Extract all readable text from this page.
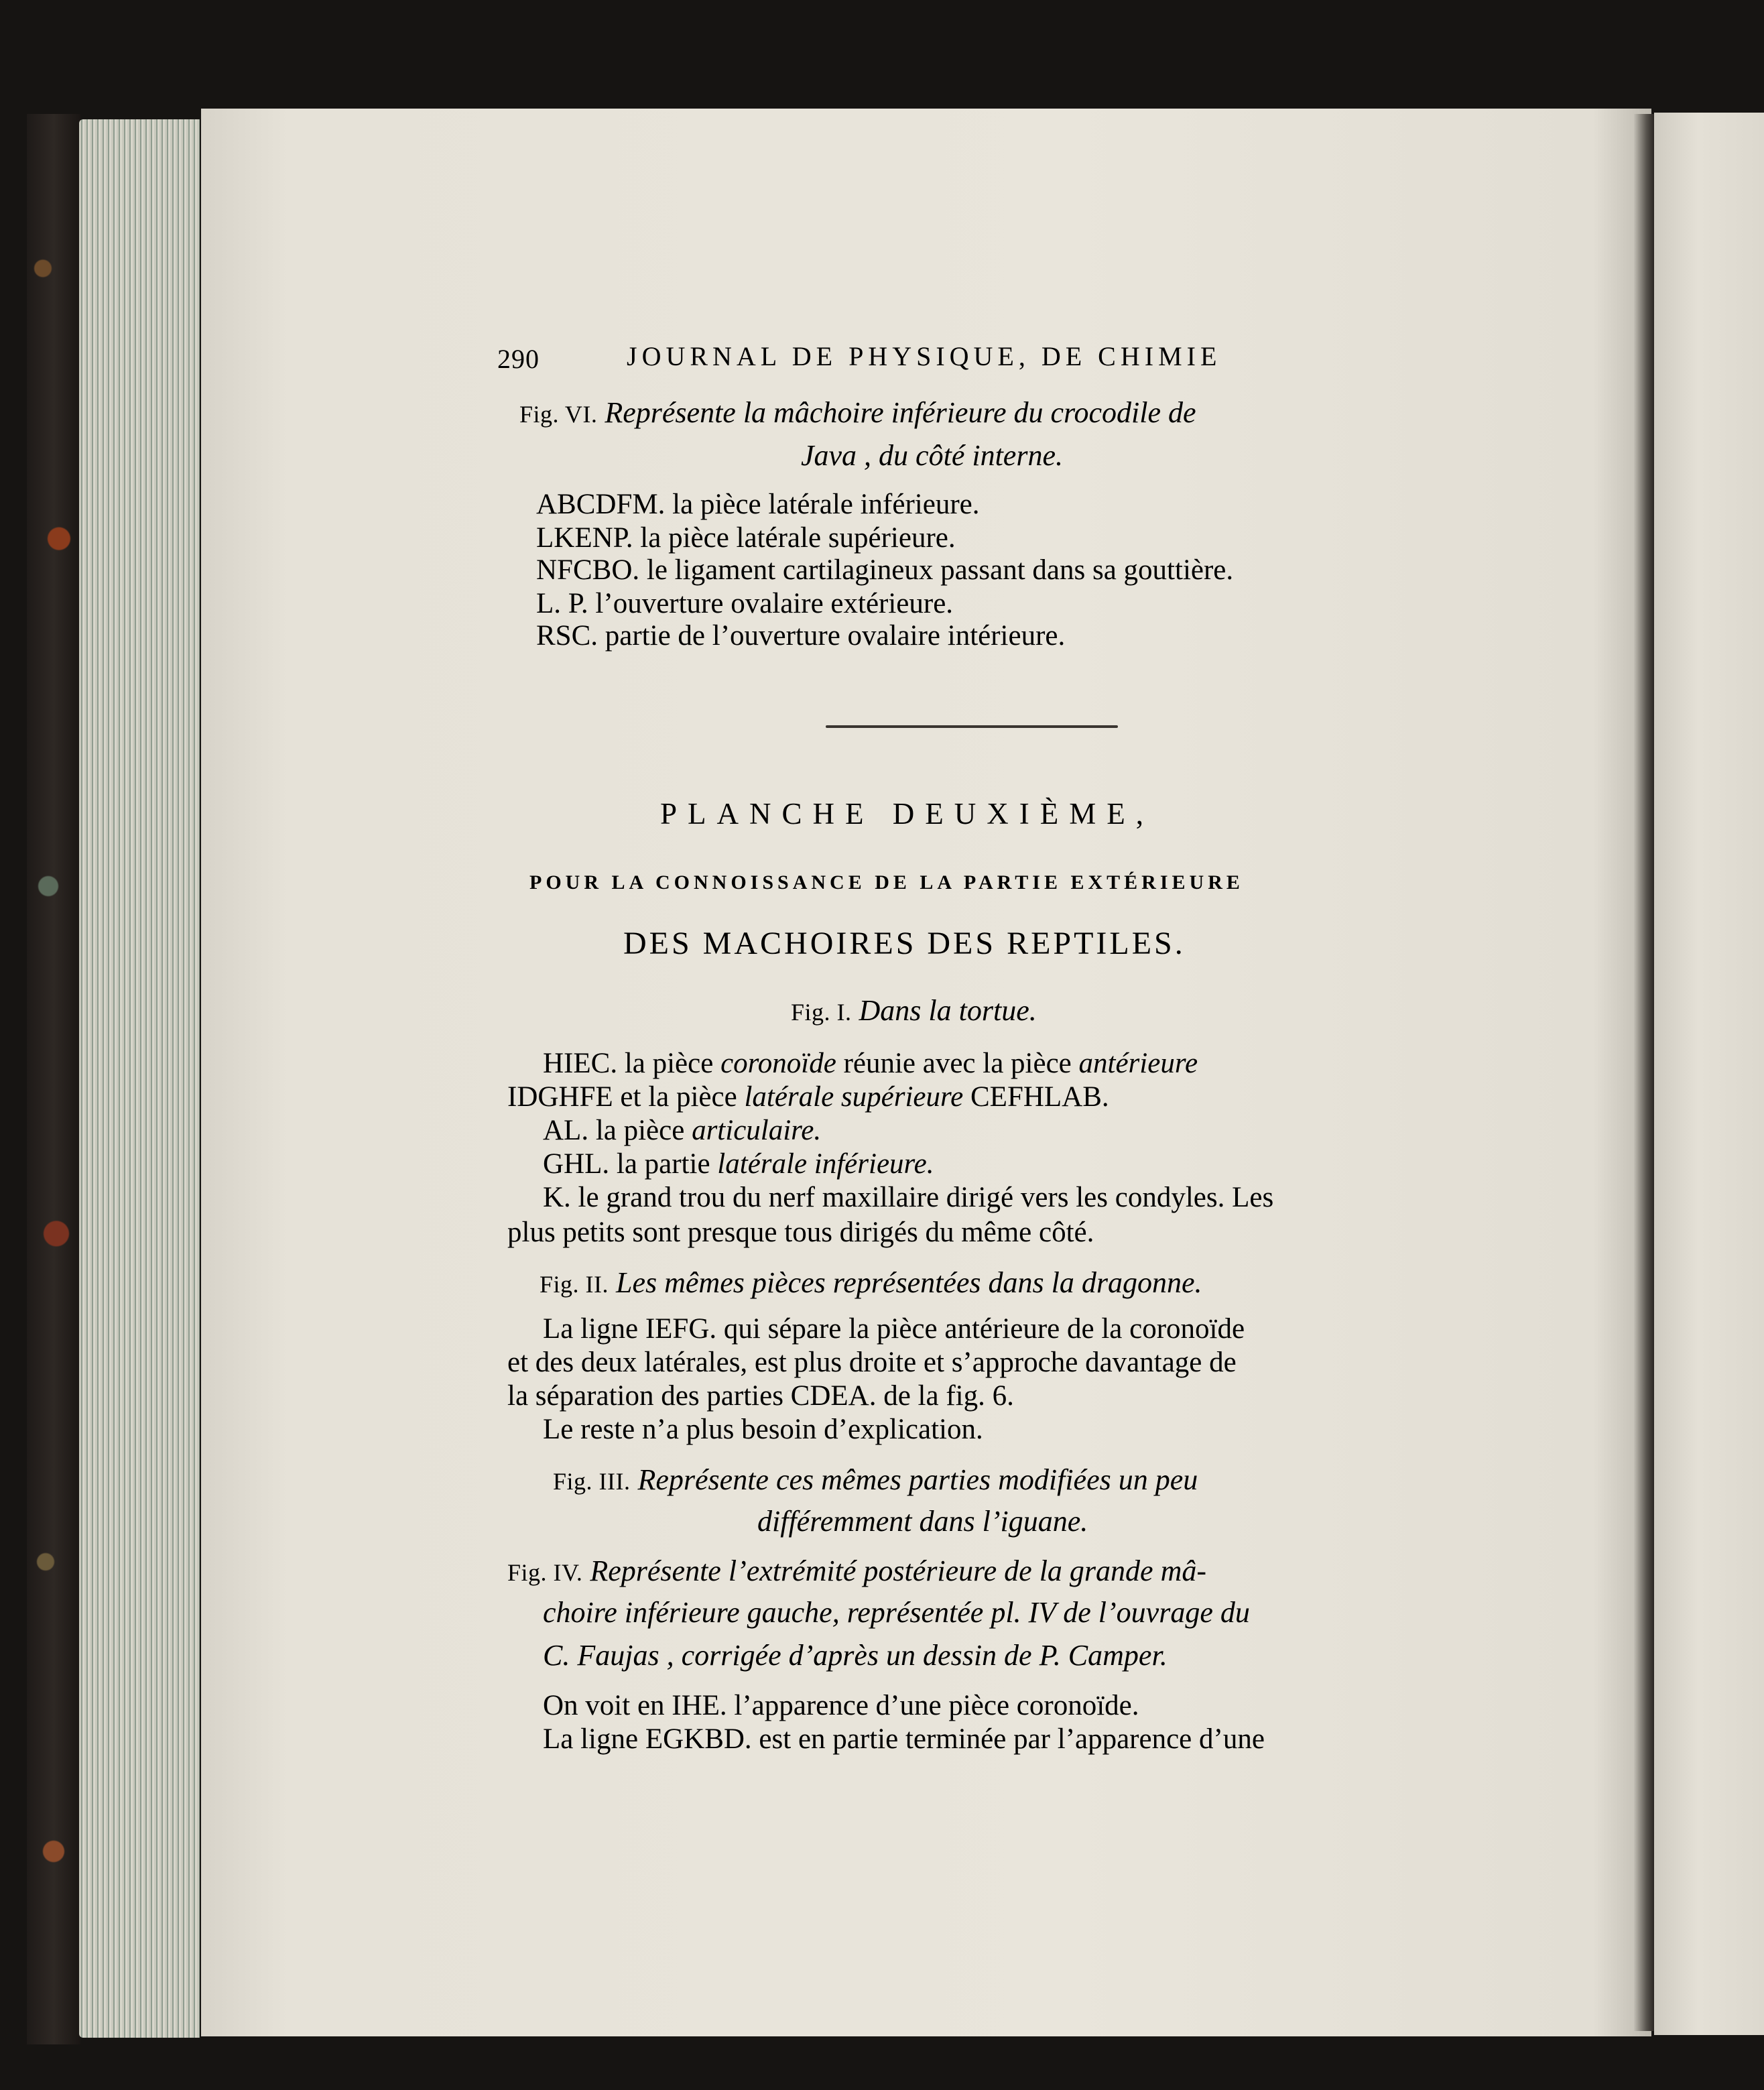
290	JOURNAL DE PHYSIQUE, DE CHIMIE
Fig. VI. Représente la mâchoire inférieure du crocodile de
Java , du côté interne.
ABCDFM. la pièce latérale inférieure.
LKENP. la pièce latérale supérieure.
NFCBO. le ligament cartilagineux passant dans sa gouttière.
L. P. l’ouverture ovalaire extérieure.
RSC. partie de l’ouverture ovalaire intérieure.
PLANCHE DEUXIÈME,
POUR LA CONNOISSANCE DE LA PARTIE EXTÉRIEURE
DES MACHOIRES DES REPTILES.
Fig. I. Dans la tortue.
HIEC. la pièce coronoïde réunie avec la pièce antérieure
IDGHFE et la pièce latérale supérieure CEFHLAB.
AL. la pièce articulaire.
GHL. la partie latérale inférieure.
K. le grand trou du nerf maxillaire dirigé vers les condyles. Les
plus petits sont presque tous dirigés du même côté.
Fig. II. Les mêmes pièces représentées dans la dragonne.
La ligne IEFG. qui sépare la pièce antérieure de la coronoïde
et des deux latérales, est plus droite et s’approche davantage de
la séparation des parties CDEA. de la fig. 6.
Le reste n’a plus besoin d’explication.
Fig. III. Représente ces mêmes parties modifiées un peu
différemment dans l’iguane.
Fig. IV. Représente l’extrémité postérieure de la grande mâ-
choire inférieure gauche, représentée pl. IV de l’ouvrage du
C. Faujas , corrigée d’après un dessin de P. Camper.
On voit en IHE. l’apparence d’une pièce coronoïde.
La ligne EGKBD. est en partie terminée par l’apparence d’une
